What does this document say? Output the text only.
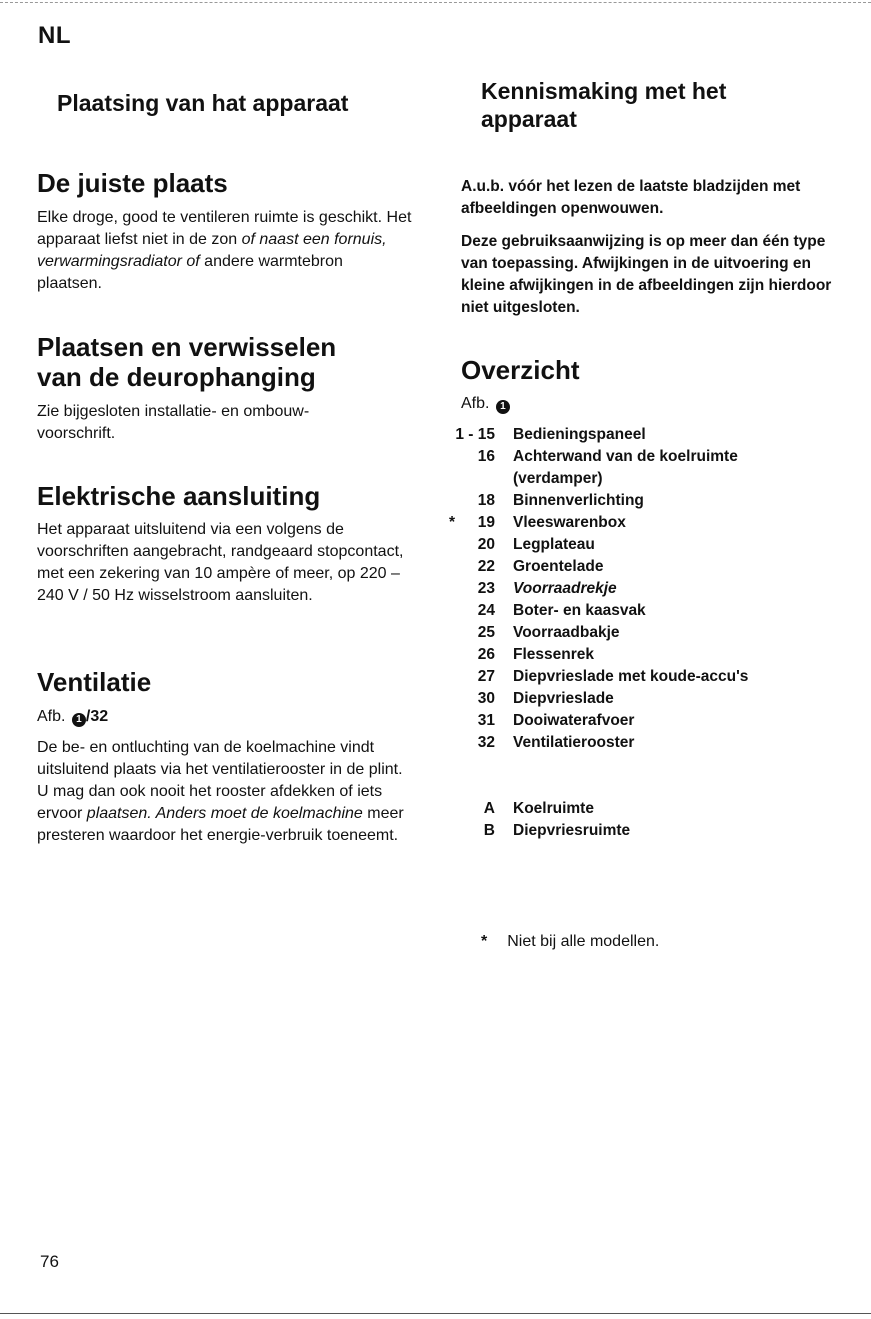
NL
Plaatsing van hat apparaat
De juiste plaats

Elke droge, good te ventileren ruimte is geschikt. Het apparaat liefst niet in de zon of naast een fornuis, verwarmingsradiator of andere warmtebron plaatsen.

Plaatsen en verwisselen
van de deurophanging

Zie bijgesloten installatie- en ombouw-voorschrift.

Elektrische aansluiting

Het apparaat uitsluitend via een volgens de voorschriften aangebracht, randgeaard stopcontact, met een zekering van 10 ampère of meer, op 220 – 240 V / 50 Hz wisselstroom aansluiten.

Ventilatie
Afb. 1 /32

De be- en ontluchting van de koelmachine vindt uitsluitend plaats via het ventilatierooster in de plint. U mag dan ook nooit het rooster afdekken of iets ervoor plaatsen. Anders moet de koelmachine meer presteren waardoor het energie-verbruik toeneemt.

Kennismaking met het
apparaat

A.u.b. vóór het lezen de laatste bladzijden met afbeeldingen openwouwen.

Deze gebruiksaanwijzing is op meer dan één type van toepassing. Afwijkingen in de uitvoering en kleine afwijkingen in de afbeeldingen zijn hierdoor niet uitgesloten.

Overzicht
Afb. 1
1 - 15	Bedieningspaneel
16	Achterwand van de koelruimte
(verdamper)
18	Binnenverlichting
* 19	Vleeswarenbox
20	Legplateau
22	Groentelade
23	Voorraadrekje
24	Boter- en kaasvak
25	Voorraadbakje
26	Flessenrek
27	Diepvrieslade met koude-accu's
30	Diepvrieslade
31	Dooiwaterafvoer
32	Ventilatierooster
A	Koelruimte
B	Diepvriesruimte
* Niet bij alle modellen.
76
